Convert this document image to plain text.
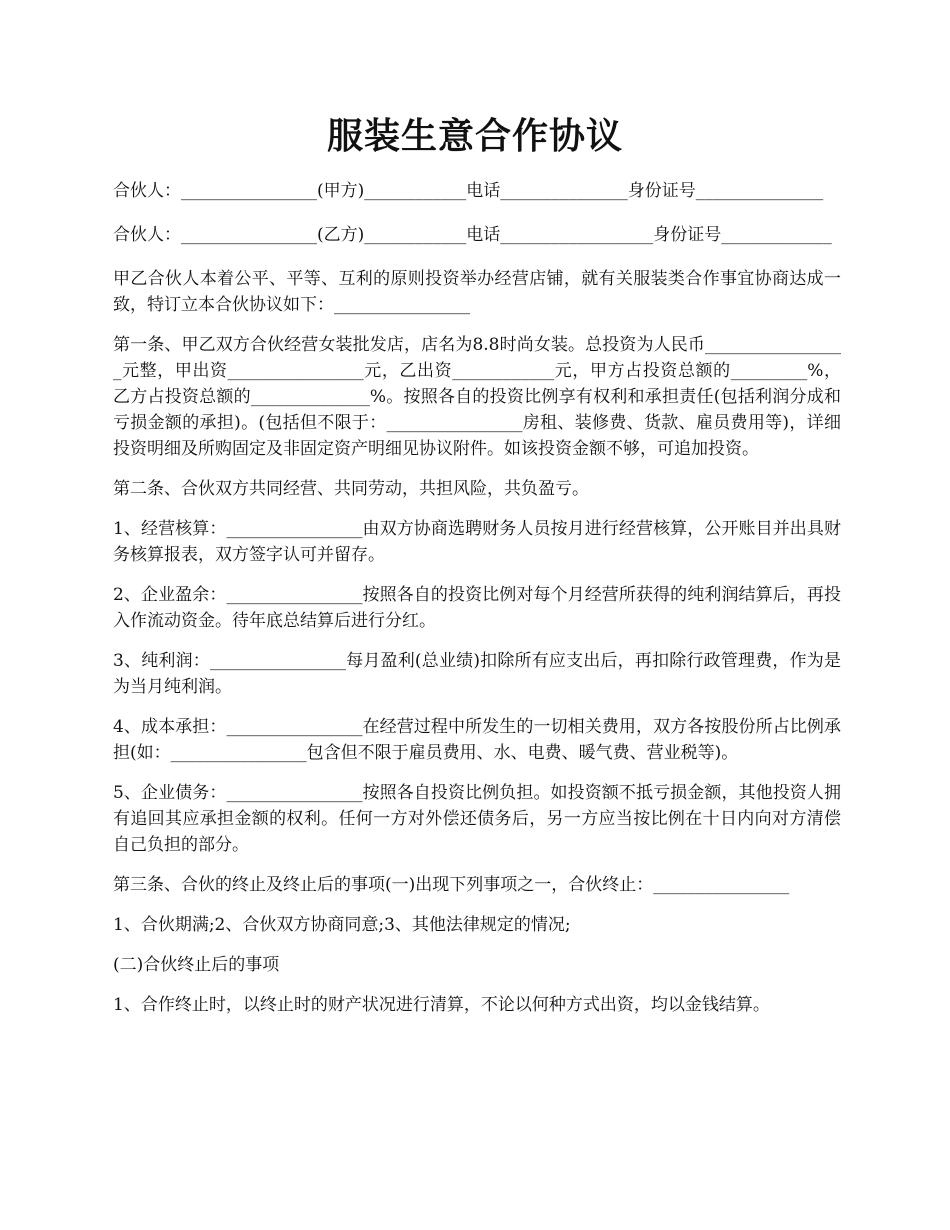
服装生意合作协议

合伙人：________________(甲方)____________电话_______________身份证号_______________

合伙人：________________(乙方)____________电话__________________身份证号_____________

甲乙合伙人本着公平、平等、互利的原则投资举办经营店铺，就有关服装类合作事宜协商达成一致，特订立本合伙协议如下：________________

第一条、甲乙双方合伙经营女装批发店，店名为8.8时尚女装。总投资为人民币_________________元整，甲出资________________元，乙出资____________元，甲方占投资总额的_________%，乙方占投资总额的______________%。按照各自的投资比例享有权利和承担责任(包括利润分成和亏损金额的承担)。(包括但不限于：________________房租、装修费、货款、雇员费用等)，详细投资明细及所购固定及非固定资产明细见协议附件。如该投资金额不够，可追加投资。

第二条、合伙双方共同经营、共同劳动，共担风险，共负盈亏。

1、经营核算：________________由双方协商选聘财务人员按月进行经营核算，公开账目并出具财务核算报表，双方签字认可并留存。

2、企业盈余：________________按照各自的投资比例对每个月经营所获得的纯利润结算后，再投入作流动资金。待年底总结算后进行分红。

3、纯利润：________________每月盈利(总业绩)扣除所有应支出后，再扣除行政管理费，作为是为当月纯利润。

4、成本承担：________________在经营过程中所发生的一切相关费用，双方各按股份所占比例承担(如：________________包含但不限于雇员费用、水、电费、暖气费、营业税等)。

5、企业债务：________________按照各自投资比例负担。如投资额不抵亏损金额，其他投资人拥有追回其应承担金额的权利。任何一方对外偿还债务后，另一方应当按比例在十日内向对方清偿自己负担的部分。

第三条、合伙的终止及终止后的事项(一)出现下列事项之一，合伙终止：________________

1、合伙期满;2、合伙双方协商同意;3、其他法律规定的情况;

(二)合伙终止后的事项

1、合作终止时，以终止时的财产状况进行清算，不论以何种方式出资，均以金钱结算。
